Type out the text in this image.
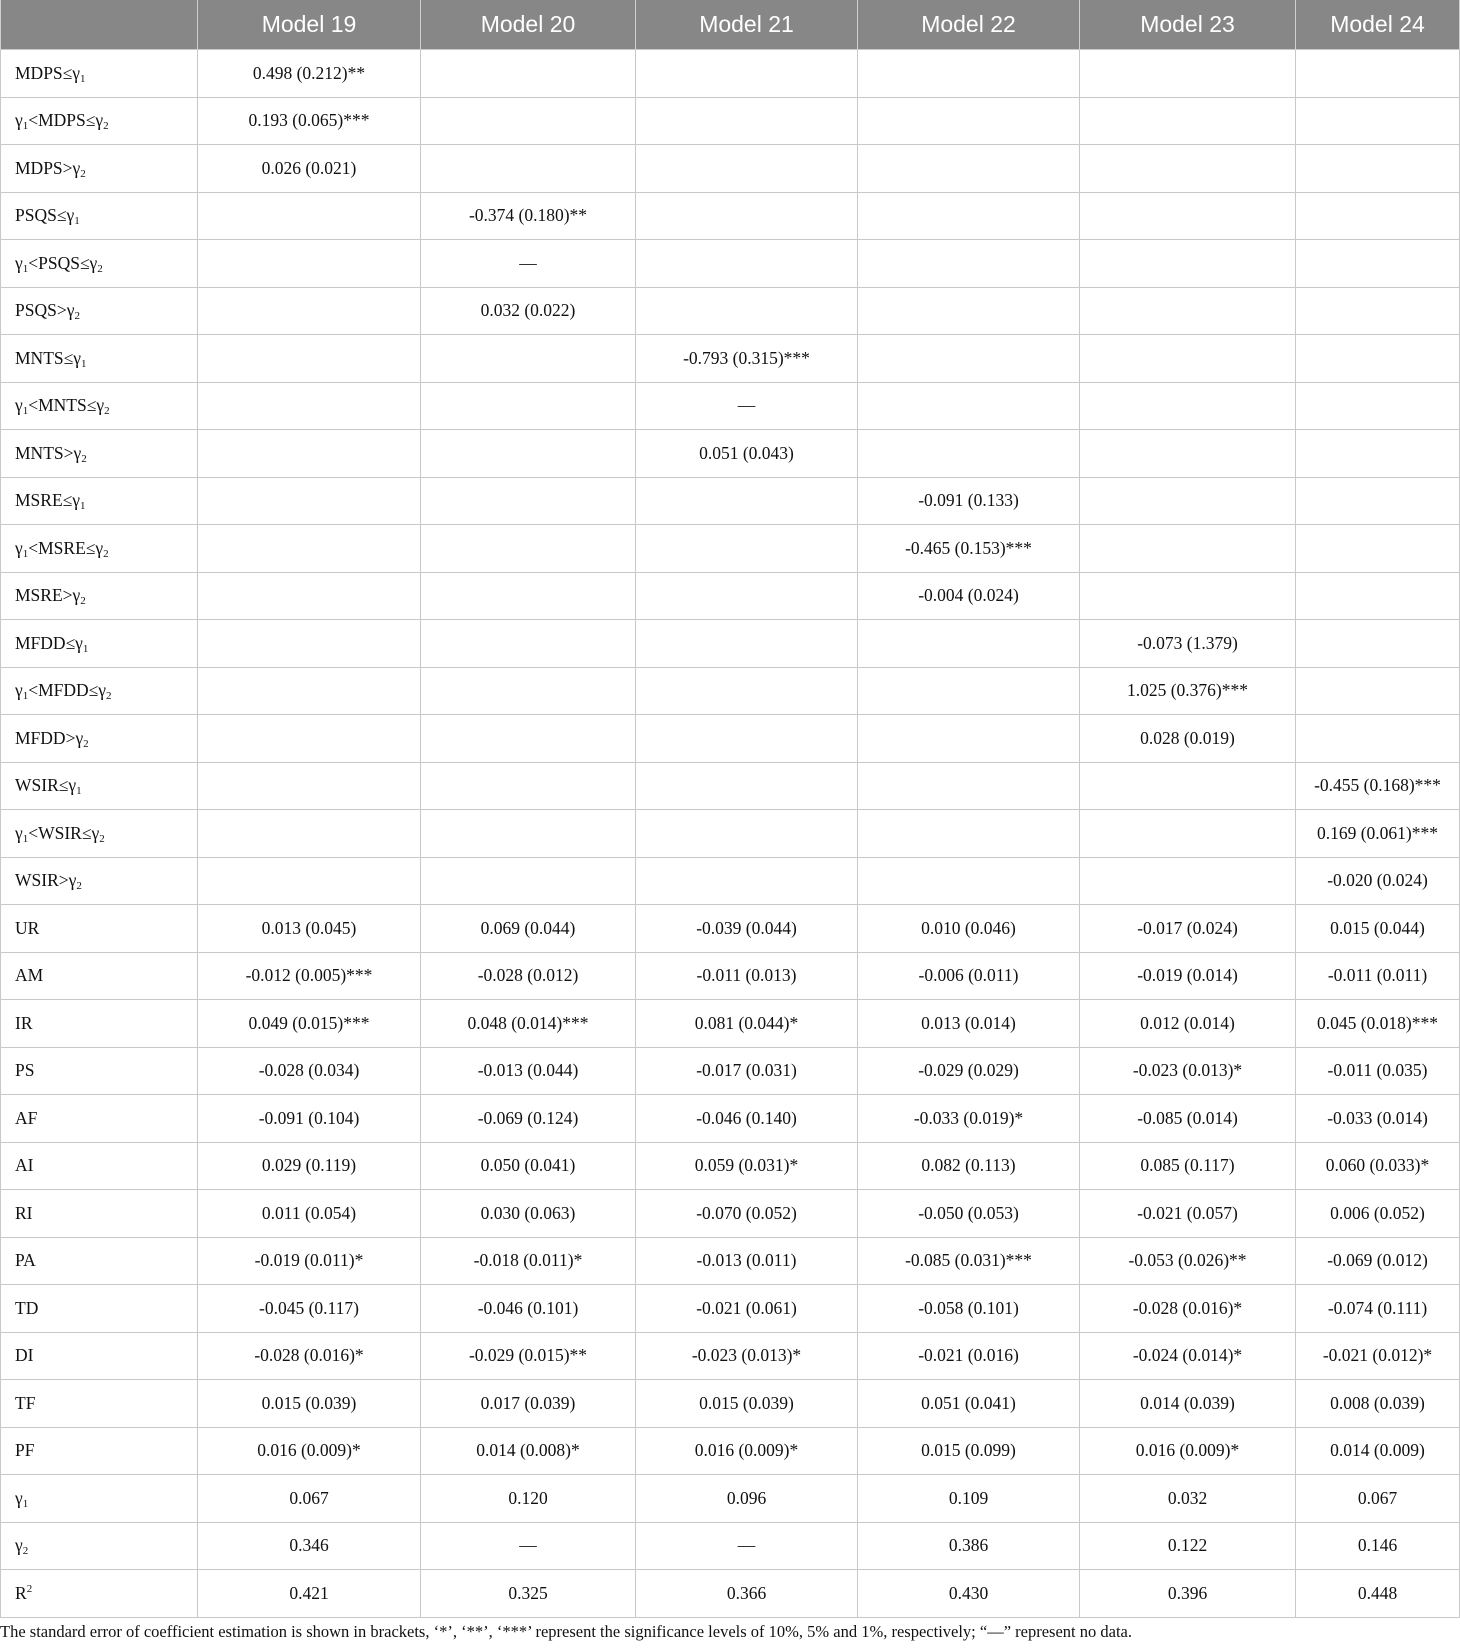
	Model 19	Model 20	Model 21	Model 22	Model 23	Model 24
$MDPS\le\gamma_1$	0.498 (0.212)**					
$\gamma_1<MDPS\le\gamma_2$	0.193 (0.065)***					
$MDPS>\gamma_2$	0.026 (0.021)					
$PSQS\le\gamma_1$		-0.374 (0.180)**				
$\gamma_1<PSQS\le\gamma_2$		—				
$PSQS>\gamma_2$		0.032 (0.022)				
$MNTS\le\gamma_1$			-0.793 (0.315)***			
$\gamma_1<MNTS\le\gamma_2$			—			
$MNTS>\gamma_2$			0.051 (0.043)			
$MSRE\le\gamma_1$				-0.091 (0.133)		
$\gamma_1<MSRE\le\gamma_2$				-0.465 (0.153)***		
$MSRE>\gamma_2$				-0.004 (0.024)		
$MFDD\le\gamma_1$					-0.073 (1.379)	
$\gamma_1<MFDD\le\gamma_2$					1.025 (0.376)***	
$MFDD>\gamma_2$					0.028 (0.019)	
$WSIR\le\gamma_1$						-0.455 (0.168)***
$\gamma_1<WSIR\le\gamma_2$						0.169 (0.061)***
$WSIR>\gamma_2$						-0.020 (0.024)
UR	0.013 (0.045)	0.069 (0.044)	-0.039 (0.044)	0.010 (0.046)	-0.017 (0.024)	0.015 (0.044)
AM	-0.012 (0.005)***	-0.028 (0.012)	-0.011 (0.013)	-0.006 (0.011)	-0.019 (0.014)	-0.011 (0.011)
IR	0.049 (0.015)***	0.048 (0.014)***	0.081 (0.044)*	0.013 (0.014)	0.012 (0.014)	0.045 (0.018)***
PS	-0.028 (0.034)	-0.013 (0.044)	-0.017 (0.031)	-0.029 (0.029)	-0.023 (0.013)*	-0.011 (0.035)
AF	-0.091 (0.104)	-0.069 (0.124)	-0.046 (0.140)	-0.033 (0.019)*	-0.085 (0.014)	-0.033 (0.014)
AI	0.029 (0.119)	0.050 (0.041)	0.059 (0.031)*	0.082 (0.113)	0.085 (0.117)	0.060 (0.033)*
RI	0.011 (0.054)	0.030 (0.063)	-0.070 (0.052)	-0.050 (0.053)	-0.021 (0.057)	0.006 (0.052)
PA	-0.019 (0.011)*	-0.018 (0.011)*	-0.013 (0.011)	-0.085 (0.031)***	-0.053 (0.026)**	-0.069 (0.012)
TD	-0.045 (0.117)	-0.046 (0.101)	-0.021 (0.061)	-0.058 (0.101)	-0.028 (0.016)*	-0.074 (0.111)
DI	-0.028 (0.016)*	-0.029 (0.015)**	-0.023 (0.013)*	-0.021 (0.016)	-0.024 (0.014)*	-0.021 (0.012)*
TF	0.015 (0.039)	0.017 (0.039)	0.015 (0.039)	0.051 (0.041)	0.014 (0.039)	0.008 (0.039)
PF	0.016 (0.009)*	0.014 (0.008)*	0.016 (0.009)*	0.015 (0.099)	0.016 (0.009)*	0.014 (0.009)
$\gamma_1$	0.067	0.120	0.096	0.109	0.032	0.067
$\gamma_2$	0.346	—	—	0.386	0.122	0.146
$R^2$	0.421	0.325	0.366	0.430	0.396	0.448
The standard error of coefficient estimation is shown in brackets, ‘*’, ‘**’, ‘***’ represent the significance levels of 10%, 5% and 1%, respectively; “—” represent no data.
